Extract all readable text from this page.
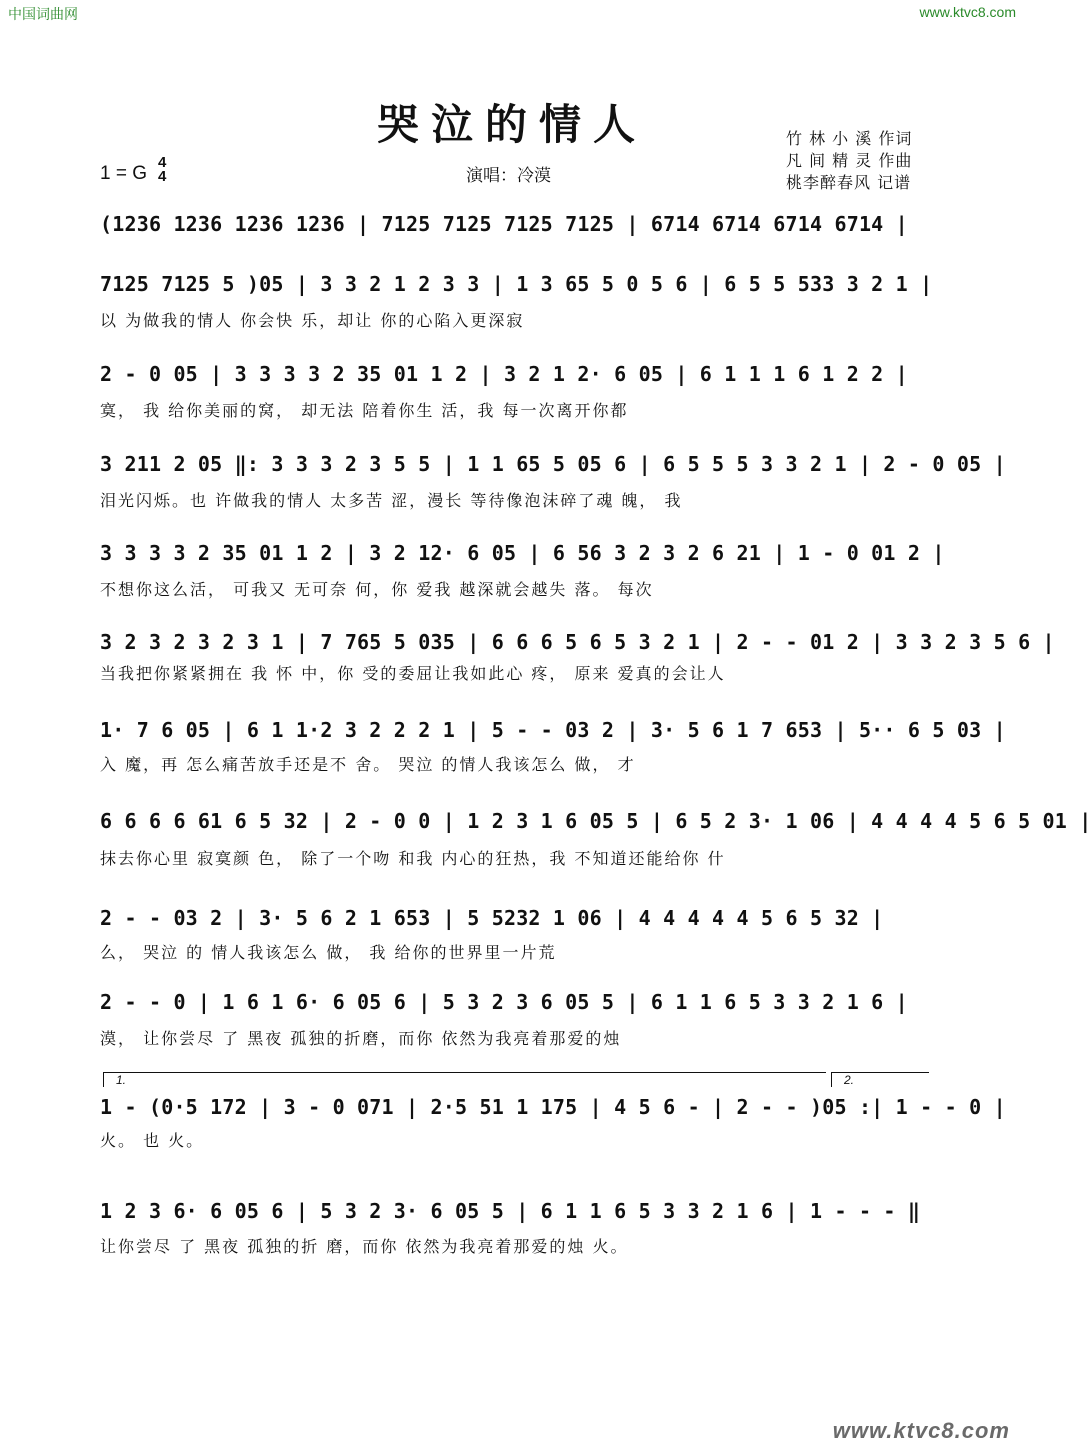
中国词曲网	www.ktvc8.com
哭泣的情人
1 = G
4
4	演唱：冷漠
竹 林 小 溪 作词
凡 间 精 灵 作曲
桃李醉春风 记谱
(1236 1236 1236 1236 | 7125 7125 7125 7125 | 6714 6714 6714 6714 |
7125 7125 5 )05 | 3 3 2 1 2 3 3 | 1 3 65 5 0 5 6 | 6 5 5 533 3 2 1 |
以 为做我的情人 你会快 乐，却让 你的心陷入更深寂
2 - 0 05 | 3 3 3 3 2 35 01 1 2 | 3 2 1 2· 6 05 | 6 1 1 1 6 1 2 2 |
寞， 我 给你美丽的窝， 却无法 陪着你生 活，我 每一次离开你都
3 211 2 05 ‖: 3 3 3 2 3 5 5 | 1 1 65 5 05 6 | 6 5 5 5 3 3 2 1 | 2 - 0 05 |
泪光闪烁。也 许做我的情人 太多苦 涩，漫长 等待像泡沫碎了魂 魄， 我
3 3 3 3 2 35 01 1 2 | 3 2 12· 6 05 | 6 56 3 2 3 2 6 21 | 1 - 0 01 2 |
不想你这么活， 可我又 无可奈 何，你 爱我 越深就会越失 落。 每次
3 2 3 2 3 2 3 1 | 7 765 5 035 | 6 6 6 5 6 5 3 2 1 | 2 - - 01 2 | 3 3 2 3 5 6 |
当我把你紧紧拥在 我 怀 中，你 受的委屈让我如此心 疼， 原来 爱真的会让人
1· 7 6 05 | 6 1 1·2 3 2 2 2 1 | 5 - - 03 2 | 3· 5 6 1 7 653 | 5·· 6 5 03 |
入 魔，再 怎么痛苦放手还是不 舍。 哭泣 的情人我该怎么 做， 才
6 6 6 6 61 6 5 32 | 2 - 0 0 | 1 2 3 1 6 05 5 | 6 5 2 3· 1 06 | 4 4 4 4 5 6 5 01 |
抹去你心里 寂寞颜 色， 除了一个吻 和我 内心的狂热，我 不知道还能给你 什
2 - - 03 2 | 3· 5 6 2 1 653 | 5 5232 1 06 | 4 4 4 4 4 5 6 5 32 |
么， 哭泣 的 情人我该怎么 做， 我 给你的世界里一片荒
2 - - 0 | 1 6 1 6· 6 05 6 | 5 3 2 3 6 05 5 | 6 1 1 6 5 3 3 2 1 6 |
漠， 让你尝尽 了 黑夜 孤独的折磨，而你 依然为我亮着那爱的烛
1.	2.
1 - (0·5 172 | 3 - 0 071 | 2·5 51 1 175 | 4 5 6 - | 2 - - )05 :| 1 - - 0 |
火。 也 火。
1 2 3 6· 6 05 6 | 5 3 2 3· 6 05 5 | 6 1 1 6 5 3 3 2 1 6 | 1 - - - ‖
让你尝尽 了 黑夜 孤独的折 磨，而你 依然为我亮着那爱的烛 火。
www.ktvc8.com
